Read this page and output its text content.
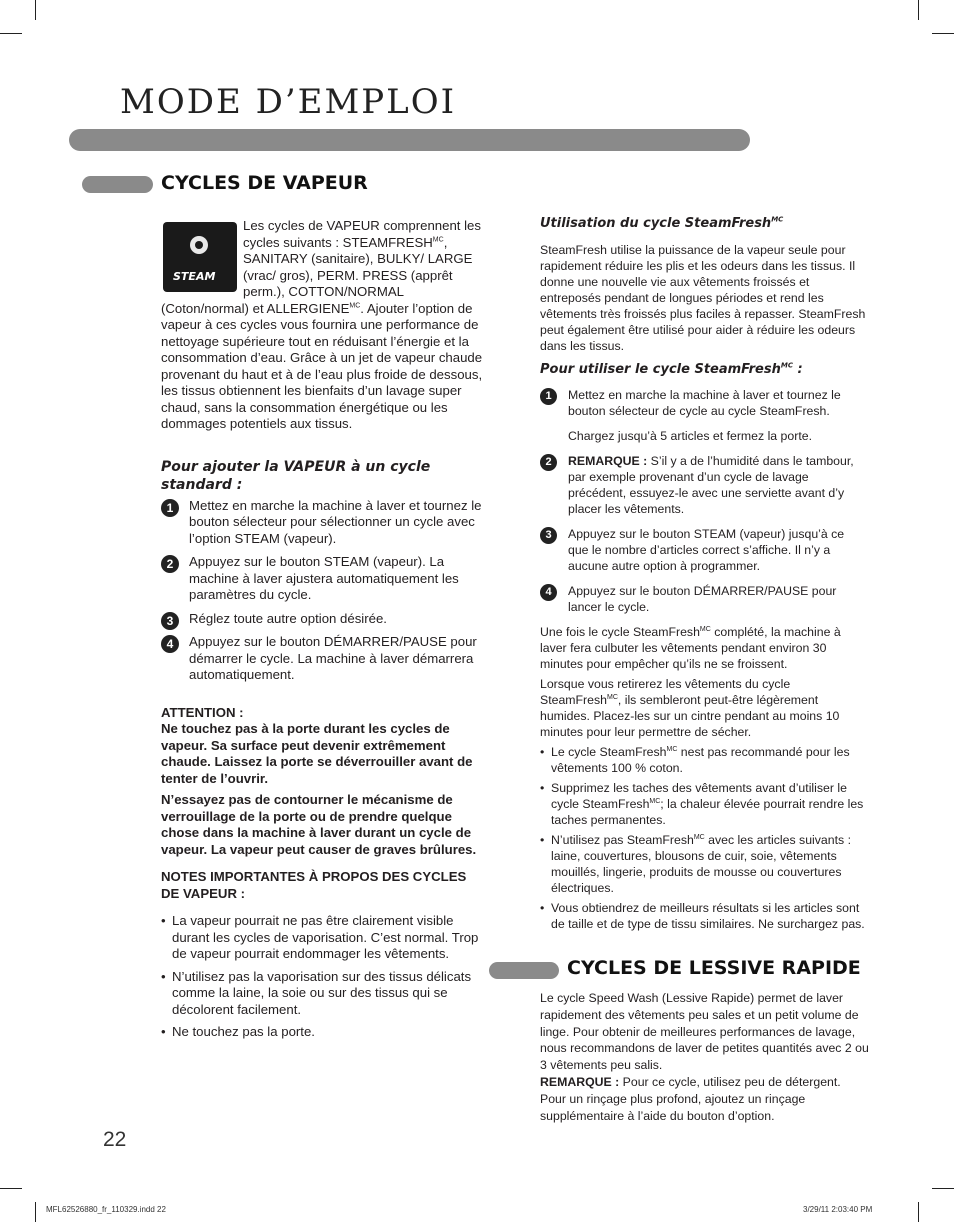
MODE D’EMPLOI
CYCLES DE VAPEUR
STEAM

Les cycles de VAPEUR comprennent les cycles suivants : $STEAMFRESH^{MC}$, SANITARY (sanitaire), BULKY/ LARGE (vrac/ gros), PERM. PRESS (apprêt perm.), COTTON/NORMAL (Coton/normal) et $ALLERGIENE^{MC}$. Ajouter l’option de vapeur à ces cycles vous fournira une performance de nettoyage supérieure tout en réduisant l’énergie et la consommation d’eau. Grâce à un jet de vapeur chaude provenant du haut et à de l’eau plus froide de dessous, les tissus obtiennent les bienfaits d’un lavage super chaud, sans la consommation énergétique ou les dommages potentiels aux tissus.

Pour ajouter la VAPEUR à un cycle standard :

1	Mettez en marche la machine à laver et tournez le bouton sélecteur pour sélectionner un cycle avec l’option STEAM (vapeur).

2	Appuyez sur le bouton STEAM (vapeur). La machine à laver ajustera automatiquement les paramètres du cycle.

3	Réglez toute autre option désirée.

4	Appuyez sur le bouton DÉMARRER/PAUSE pour démarrer le cycle. La machine à laver démarrera automatiquement.

ATTENTION :

Ne touchez pas à la porte durant les cycles de vapeur. Sa surface peut devenir extrêmement chaude. Laissez la porte se déverrouiller avant de tenter de l’ouvrir.

N’essayez pas de contourner le mécanisme de verrouillage de la porte ou de prendre quelque chose dans la machine à laver durant un cycle de vapeur. La vapeur peut causer de graves brûlures.

NOTES IMPORTANTES À PROPOS DES CYCLES DE VAPEUR :

• La vapeur pourrait ne pas être clairement visible durant les cycles de vaporisation. C’est normal. Trop de vapeur pourrait endommager les vêtements.
• N’utilisez pas la vaporisation sur des tissus délicats comme la laine, la soie ou sur des tissus qui se décolorent facilement.
• Ne touchez pas la porte.

Utilisation du cycle SteamFresh$^{MC}$

SteamFresh utilise la puissance de la vapeur seule pour rapidement réduire les plis et les odeurs dans les tissus. Il donne une nouvelle vie aux vêtements froissés et entreposés pendant de longues périodes et rend les vêtements très froissés plus faciles à repasser. SteamFresh peut également être utilisé pour aider à réduire les odeurs dans les tissus.

Pour utiliser le cycle SteamFresh$^{MC}$ :

1	Mettez en marche la machine à laver et tournez le bouton sélecteur de cycle au cycle SteamFresh.

Chargez jusqu’à 5 articles et fermez la porte.

2	REMARQUE : S’il y a de l’humidité dans le tambour, par exemple provenant d’un cycle de lavage précédent, essuyez-le avec une serviette avant d’y placer les vêtements.

3	Appuyez sur le bouton STEAM (vapeur) jusqu’à ce que le nombre d’articles correct s’affiche. Il n’y a aucune autre option à programmer.

4	Appuyez sur le bouton DÉMARRER/PAUSE pour lancer le cycle.

Une fois le cycle SteamFresh$^{MC}$ complété, la machine à laver fera culbuter les vêtements pendant environ 30 minutes pour empêcher qu’ils ne se froissent.

Lorsque vous retirerez les vêtements du cycle SteamFresh$^{MC}$, ils sembleront peut-être légèrement humides. Placez-les sur un cintre pendant au moins 10 minutes pour leur permettre de sécher.

• Le cycle SteamFresh$^{MC}$ nest pas recommandé pour les vêtements 100 % coton.
• Supprimez les taches des vêtements avant d’utiliser le cycle SteamFresh$^{MC}$; la chaleur élevée pourrait rendre les taches permanentes.
• N’utilisez pas SteamFresh$^{MC}$ avec les articles suivants : laine, couvertures, blousons de cuir, soie, vêtements mouillés, lingerie, produits de mousse ou couvertures électriques.
• Vous obtiendrez de meilleurs résultats si les articles sont de taille et de type de tissu similaires. Ne surchargez pas.
CYCLES DE LESSIVE RAPIDE

Le cycle Speed Wash (Lessive Rapide) permet de laver rapidement des vêtements peu sales et un petit volume de linge. Pour obtenir de meilleures performances de lavage, nous recommandons de laver de petites quantités avec 2 ou 3 vêtements peu salis.

REMARQUE : Pour ce cycle, utilisez peu de détergent. Pour un rinçage plus profond, ajoutez un rinçage supplémentaire à l’aide du bouton d’option.

22
MFL62526880_fr_110329.indd 22	3/29/11 2:03:40 PM
